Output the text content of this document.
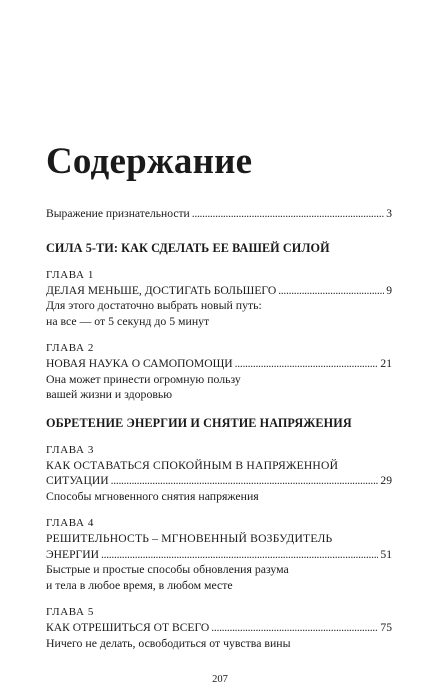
Содержание
Выражение признательности . . .	3
СИЛА 5-ТИ: КАК СДЕЛАТЬ ЕЕ ВАШЕЙ СИЛОЙ
ГЛАВА 1
ДЕЛАЯ МЕНЬШЕ, ДОСТИГАТЬ БОЛЬШЕГО . . .	9
Для этого достаточно выбрать новый путь:
на все — от 5 секунд до 5 минут
ГЛАВА 2
НОВАЯ НАУКА О САМОПОМОЩИ . . .	21
Она может принести огромную пользу
вашей жизни и здоровью
ОБРЕТЕНИЕ ЭНЕРГИИ И СНЯТИЕ НАПРЯЖЕНИЯ
ГЛАВА 3
КАК ОСТАВАТЬСЯ СПОКОЙНЫМ В НАПРЯЖЕННОЙ
СИТУАЦИИ . . .	29
Способы мгновенного снятия напряжения
ГЛАВА 4
РЕШИТЕЛЬНОСТЬ – МГНОВЕННЫЙ ВОЗБУДИТЕЛЬ
ЭНЕРГИИ . . .	51
Быстрые и простые способы обновления разума
и тела в любое время, в любом месте
ГЛАВА 5
КАК ОТРЕШИТЬСЯ ОТ ВСЕГО . . .	75
Ничего не делать, освободиться от чувства вины
207
